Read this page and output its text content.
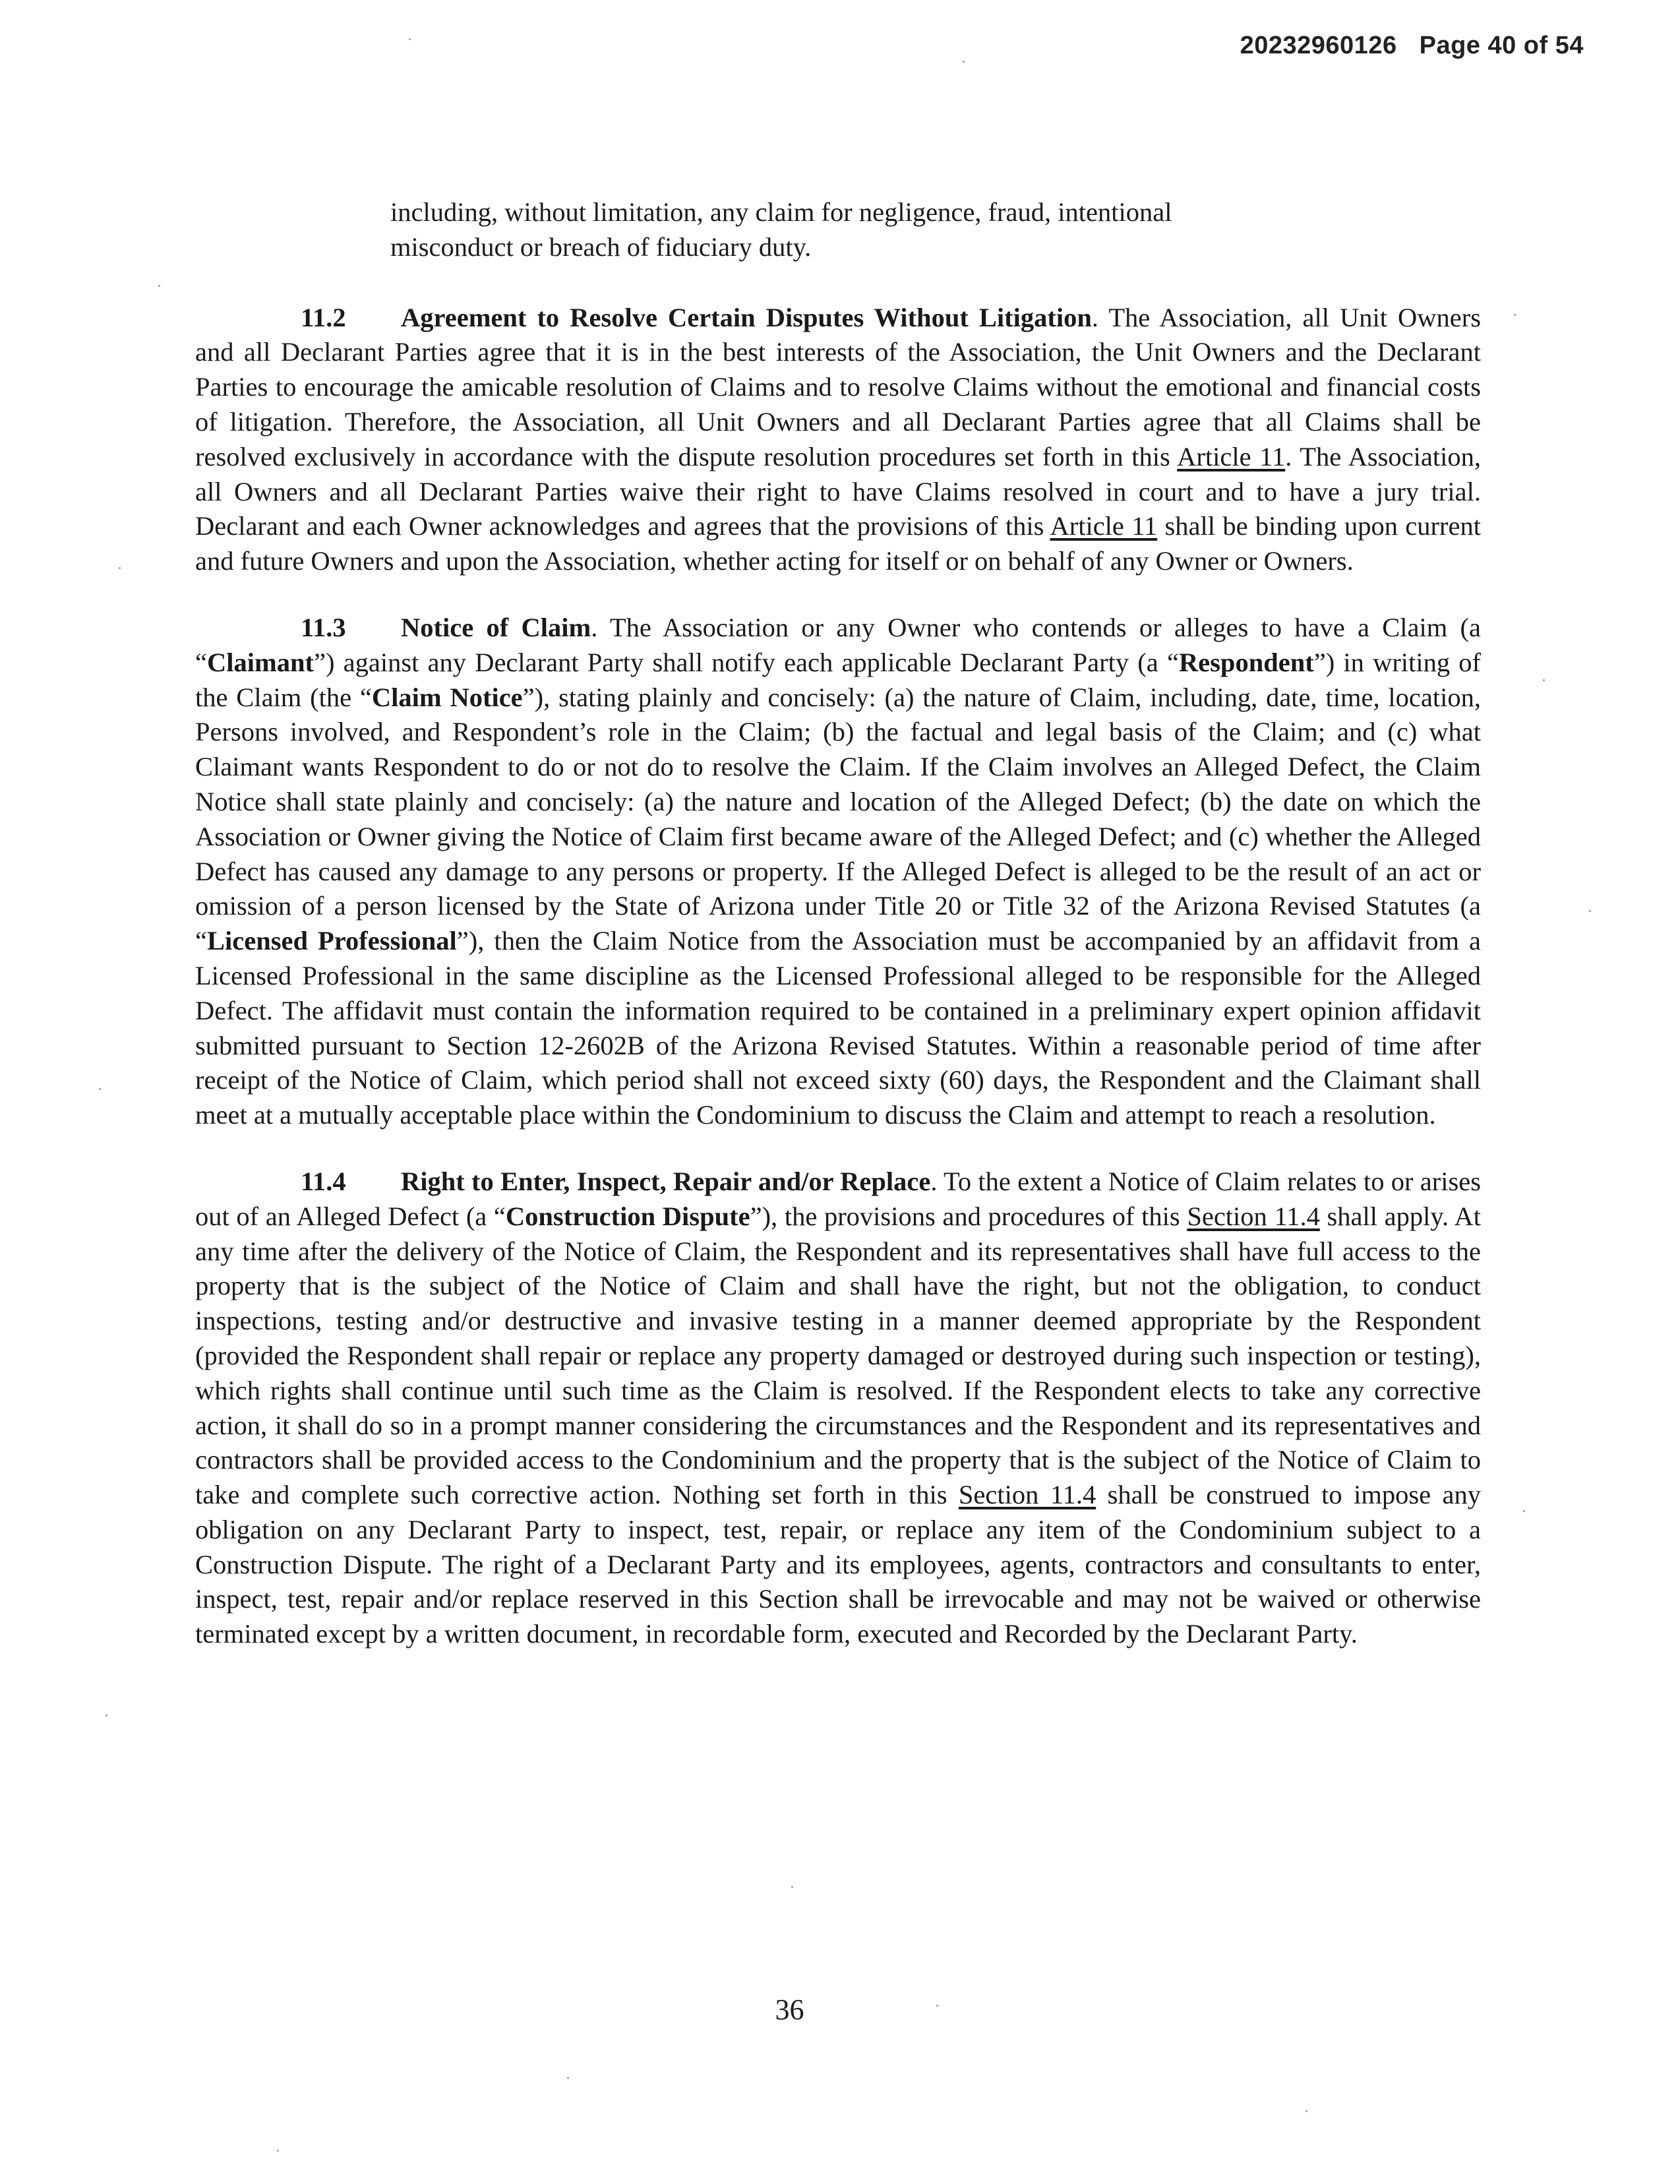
20232960126 Page 40 of 54

including, without limitation, any claim for negligence, fraud, intentional
misconduct or breach of fiduciary duty.

11.2 Agreement to Resolve Certain Disputes Without Litigation. The Association, all Unit Owners and all Declarant Parties agree that it is in the best interests of the Association, the Unit Owners and the Declarant Parties to encourage the amicable resolution of Claims and to resolve Claims without the emotional and financial costs of litigation. Therefore, the Association, all Unit Owners and all Declarant Parties agree that all Claims shall be resolved exclusively in accordance with the dispute resolution procedures set forth in this Article 11. The Association, all Owners and all Declarant Parties waive their right to have Claims resolved in court and to have a jury trial. Declarant and each Owner acknowledges and agrees that the provisions of this Article 11 shall be binding upon current and future Owners and upon the Association, whether acting for itself or on behalf of any Owner or Owners.

11.3 Notice of Claim. The Association or any Owner who contends or alleges to have a Claim (a “Claimant”) against any Declarant Party shall notify each applicable Declarant Party (a “Respondent”) in writing of the Claim (the “Claim Notice”), stating plainly and concisely: (a) the nature of Claim, including, date, time, location, Persons involved, and Respondent’s role in the Claim; (b) the factual and legal basis of the Claim; and (c) what Claimant wants Respondent to do or not do to resolve the Claim. If the Claim involves an Alleged Defect, the Claim Notice shall state plainly and concisely: (a) the nature and location of the Alleged Defect; (b) the date on which the Association or Owner giving the Notice of Claim first became aware of the Alleged Defect; and (c) whether the Alleged Defect has caused any damage to any persons or property. If the Alleged Defect is alleged to be the result of an act or omission of a person licensed by the State of Arizona under Title 20 or Title 32 of the Arizona Revised Statutes (a “Licensed Professional”), then the Claim Notice from the Association must be accompanied by an affidavit from a Licensed Professional in the same discipline as the Licensed Professional alleged to be responsible for the Alleged Defect. The affidavit must contain the information required to be contained in a preliminary expert opinion affidavit submitted pursuant to Section 12-2602B of the Arizona Revised Statutes. Within a reasonable period of time after receipt of the Notice of Claim, which period shall not exceed sixty (60) days, the Respondent and the Claimant shall meet at a mutually acceptable place within the Condominium to discuss the Claim and attempt to reach a resolution.

11.4 Right to Enter, Inspect, Repair and/or Replace. To the extent a Notice of Claim relates to or arises out of an Alleged Defect (a “Construction Dispute”), the provisions and procedures of this Section 11.4 shall apply. At any time after the delivery of the Notice of Claim, the Respondent and its representatives shall have full access to the property that is the subject of the Notice of Claim and shall have the right, but not the obligation, to conduct inspections, testing and/or destructive and invasive testing in a manner deemed appropriate by the Respondent (provided the Respondent shall repair or replace any property damaged or destroyed during such inspection or testing), which rights shall continue until such time as the Claim is resolved. If the Respondent elects to take any corrective action, it shall do so in a prompt manner considering the circumstances and the Respondent and its representatives and contractors shall be provided access to the Condominium and the property that is the subject of the Notice of Claim to take and complete such corrective action. Nothing set forth in this Section 11.4 shall be construed to impose any obligation on any Declarant Party to inspect, test, repair, or replace any item of the Condominium subject to a Construction Dispute. The right of a Declarant Party and its employees, agents, contractors and consultants to enter, inspect, test, repair and/or replace reserved in this Section shall be irrevocable and may not be waived or otherwise terminated except by a written document, in recordable form, executed and Recorded by the Declarant Party.

36
